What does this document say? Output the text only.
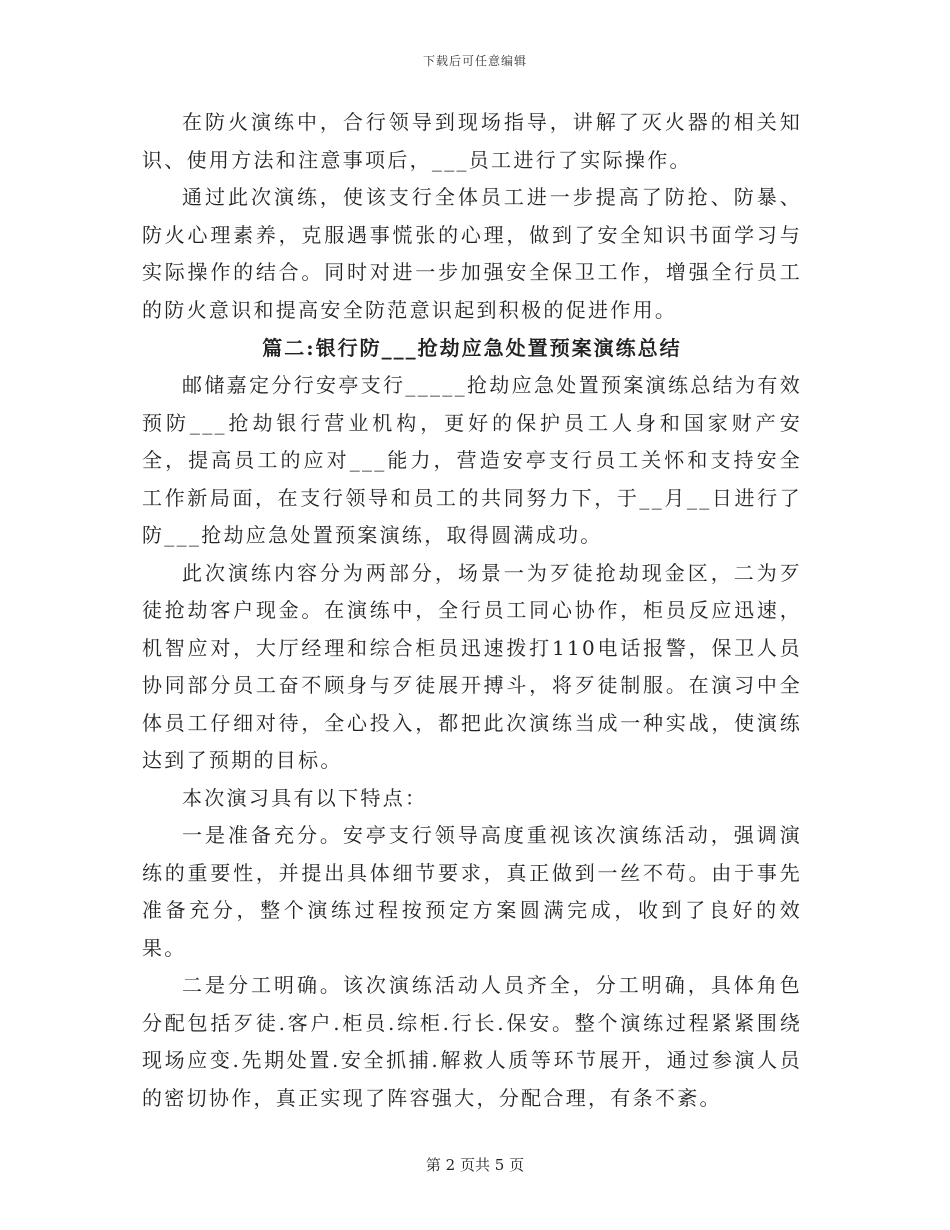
下载后可任意编辑

在防火演练中，合行领导到现场指导，讲解了灭火器的相关知识、使用方法和注意事项后，___员工进行了实际操作。

通过此次演练，使该支行全体员工进一步提高了防抢、防暴、防火心理素养，克服遇事慌张的心理，做到了安全知识书面学习与实际操作的结合。同时对进一步加强安全保卫工作，增强全行员工的防火意识和提高安全防范意识起到积极的促进作用。

篇二:银行防___抢劫应急处置预案演练总结

邮储嘉定分行安亭支行_____抢劫应急处置预案演练总结为有效预防___抢劫银行营业机构，更好的保护员工人身和国家财产安全，提高员工的应对___能力，营造安亭支行员工关怀和支持安全工作新局面，在支行领导和员工的共同努力下，于__月__日进行了防___抢劫应急处置预案演练，取得圆满成功。

此次演练内容分为两部分，场景一为歹徒抢劫现金区，二为歹徒抢劫客户现金。在演练中，全行员工同心协作，柜员反应迅速，机智应对，大厅经理和综合柜员迅速拨打110电话报警，保卫人员协同部分员工奋不顾身与歹徒展开搏斗，将歹徒制服。在演习中全体员工仔细对待，全心投入，都把此次演练当成一种实战，使演练达到了预期的目标。

本次演习具有以下特点：

一是准备充分。安亭支行领导高度重视该次演练活动，强调演练的重要性，并提出具体细节要求，真正做到一丝不苟。由于事先准备充分，整个演练过程按预定方案圆满完成，收到了良好的效果。

二是分工明确。该次演练活动人员齐全，分工明确，具体角色分配包括歹徒.客户.柜员.综柜.行长.保安。整个演练过程紧紧围绕现场应变.先期处置.安全抓捕.解救人质等环节展开，通过参演人员的密切协作，真正实现了阵容强大，分配合理，有条不紊。

第 2 页共 5 页
